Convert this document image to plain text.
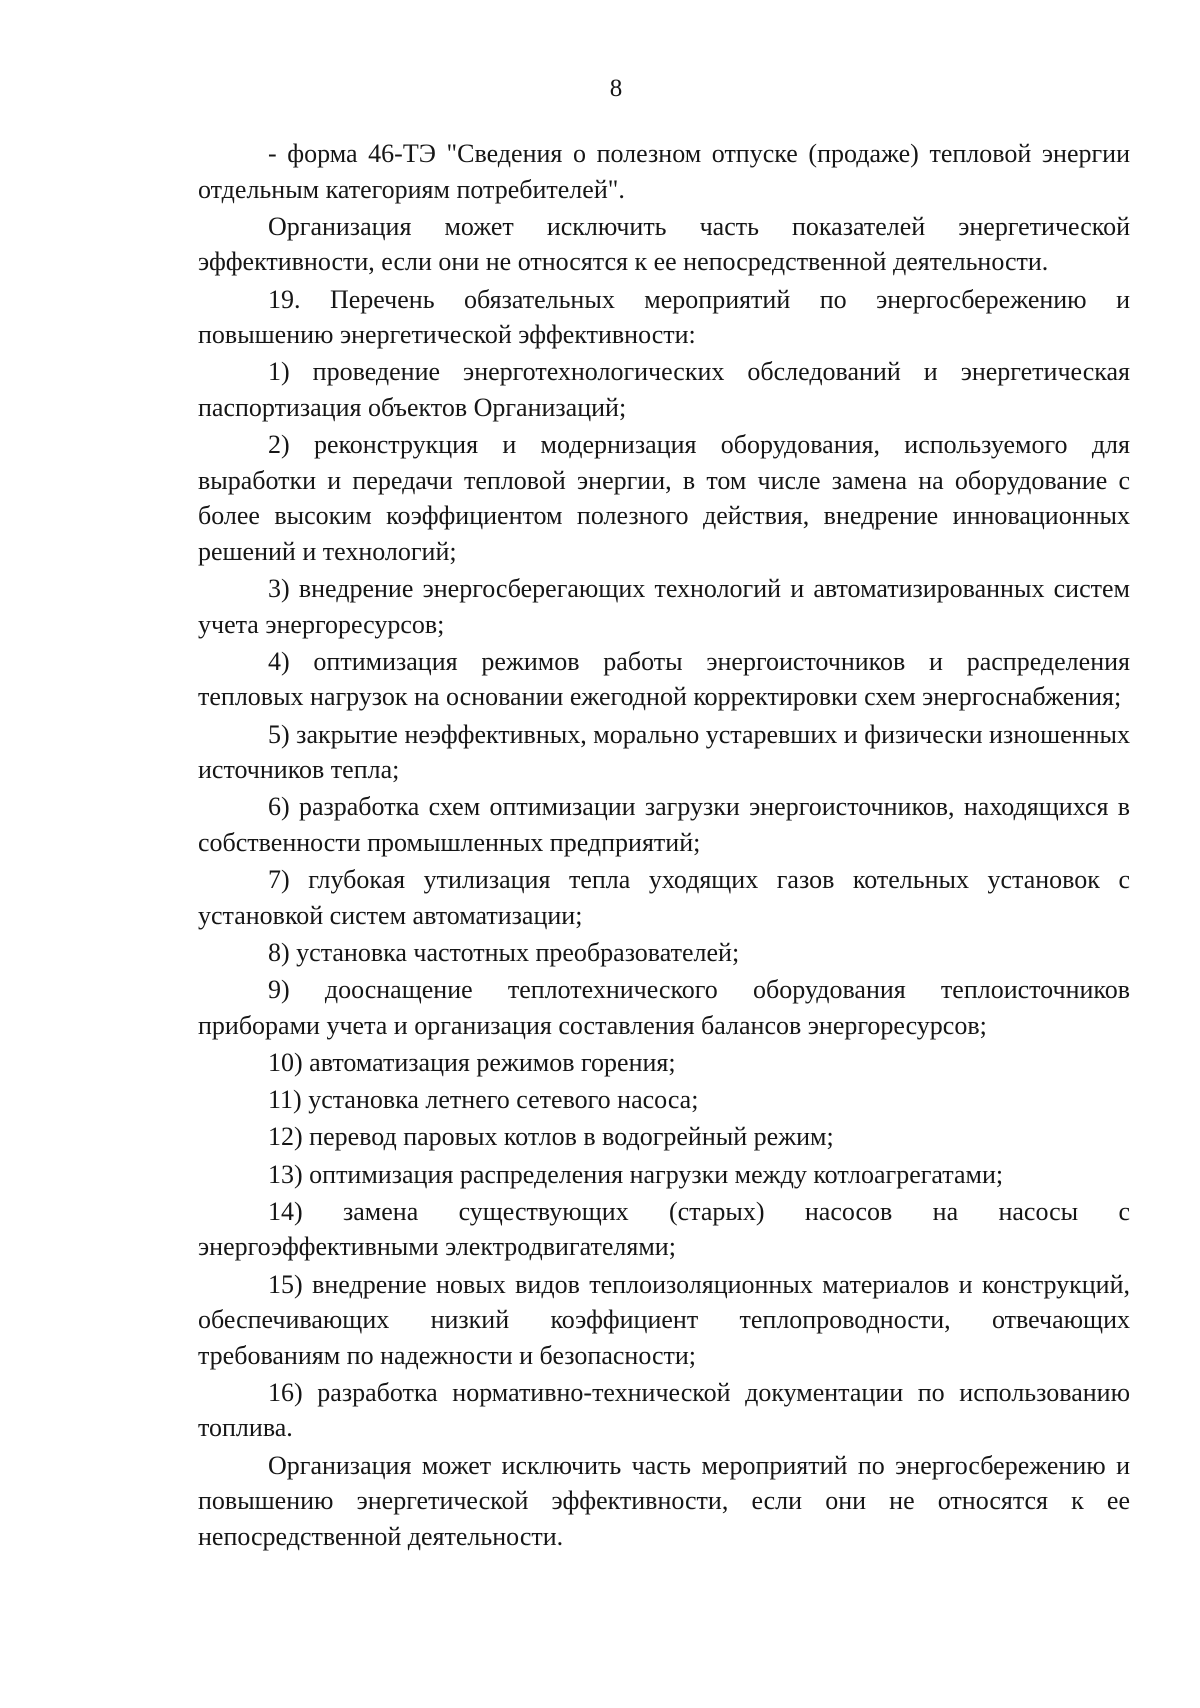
8

- форма 46-ТЭ "Сведения о полезном отпуске (продаже) тепловой энергии отдельным категориям потребителей".

Организация может исключить часть показателей энергетической эффективности, если они не относятся к ее непосредственной деятельности.

19. Перечень обязательных мероприятий по энергосбережению и повышению энергетической эффективности:

1) проведение энерготехнологических обследований и энергетическая паспортизация объектов Организаций;

2) реконструкция и модернизация оборудования, используемого для выработки и передачи тепловой энергии, в том числе замена на оборудование с более высоким коэффициентом полезного действия, внедрение инновационных решений и технологий;

3) внедрение энергосберегающих технологий и автоматизированных систем учета энергоресурсов;

4) оптимизация режимов работы энергоисточников и распределения тепловых нагрузок на основании ежегодной корректировки схем энергоснабжения;

5) закрытие неэффективных, морально устаревших и физически изношенных источников тепла;

6) разработка схем оптимизации загрузки энергоисточников, находящихся в собственности промышленных предприятий;

7) глубокая утилизация тепла уходящих газов котельных установок с установкой систем автоматизации;

8) установка частотных преобразователей;

9) дооснащение теплотехнического оборудования теплоисточников приборами учета и организация составления балансов энергоресурсов;

10) автоматизация режимов горения;

11) установка летнего сетевого насоса;

12) перевод паровых котлов в водогрейный режим;

13) оптимизация распределения нагрузки между котлоагрегатами;

14) замена существующих (старых) насосов на насосы с энергоэффективными электродвигателями;

15) внедрение новых видов теплоизоляционных материалов и конструкций, обеспечивающих низкий коэффициент теплопроводности, отвечающих требованиям по надежности и безопасности;

16) разработка нормативно-технической документации по использованию топлива.

Организация может исключить часть мероприятий по энергосбережению и повышению энергетической эффективности, если они не относятся к ее непосредственной деятельности.
